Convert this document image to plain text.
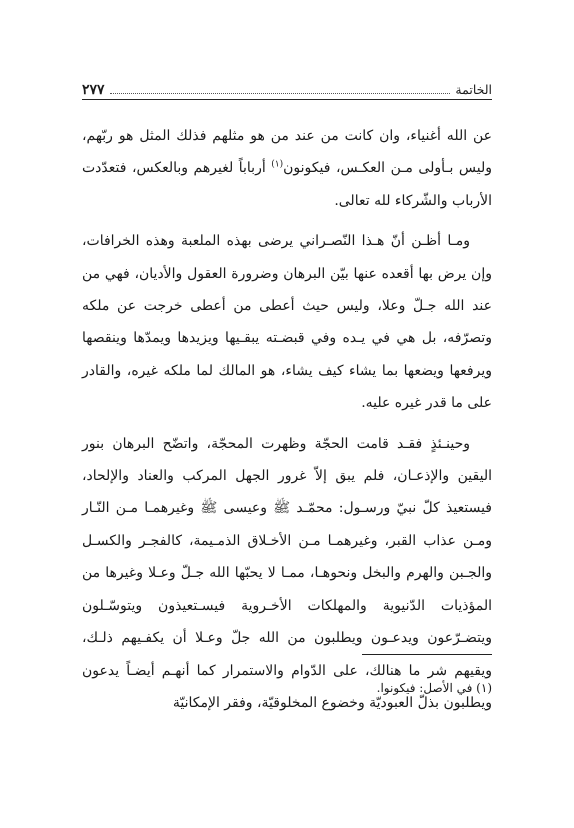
الخاتمة
٢٧٧

عن الله أغنياء، وان كانت من عند من هو مثلهم فذلك المثل هو ربّهم، وليس بـأولى مـن العكـس، فيكونون$^{(١)}$ أرباباً لغيرهم وبالعكس، فتعدّدت الأرباب والشّركاء لله تعالى.

ومـا أظـن أنّ هـذا النّصـراني يرضى بهذه الملعبة وهذه الخرافات، وإن يرض بها أقعده عنها بيّن البرهان وضرورة العقول والأديان، فهي من عند الله جـلّ وعلا، وليس حيث أعطى من أعطى خرجت عن ملكه وتصرّفه، بل هي في يـده وفي قبضـته يبقـيها ويزيدها ويمدّها وينقصها ويرفعها ويضعها بما يشاء كيف يشاء، هو المالك لما ملكه غيره، والقادر على ما قدر غيره عليه.

وحينـئذٍ فقـد قامت الحجّة وظهرت المحجّة، واتضّح البرهان بنور اليقين والإذعـان، فلم يبق إلاّ غرور الجهل المركب والعناد والإلحاد، فيستعيذ كلّ نبيّ ورسـول: محمّـد ﷺ وعيسى ﷺ وغيرهمـا مـن النّـار ومـن عذاب القبر، وغيرهمـا مـن الأخـلاق الذمـيمة، كالفجـر والكسـل والجـبن والهرم والبخل ونحوهـا، ممـا لا يحبّها الله جـلّ وعـلا وغيرها من المؤذيات الدّنيوية والمهلكات الأخـروية فيسـتعيذون ويتوسّـلون ويتضـرّعون ويدعـون ويطلبون من الله جلّ وعـلا أن يكفـيهم ذلـك، ويقيهم شر ما هنالك، على الدّوام والاستمرار كما أنهـم أيضـاً يدعون ويطلبون بذلّ العبوديّة وخضوع المخلوقيّة، وفقر الإمكانيّة

(١) في الأصل: فيكونوا.
